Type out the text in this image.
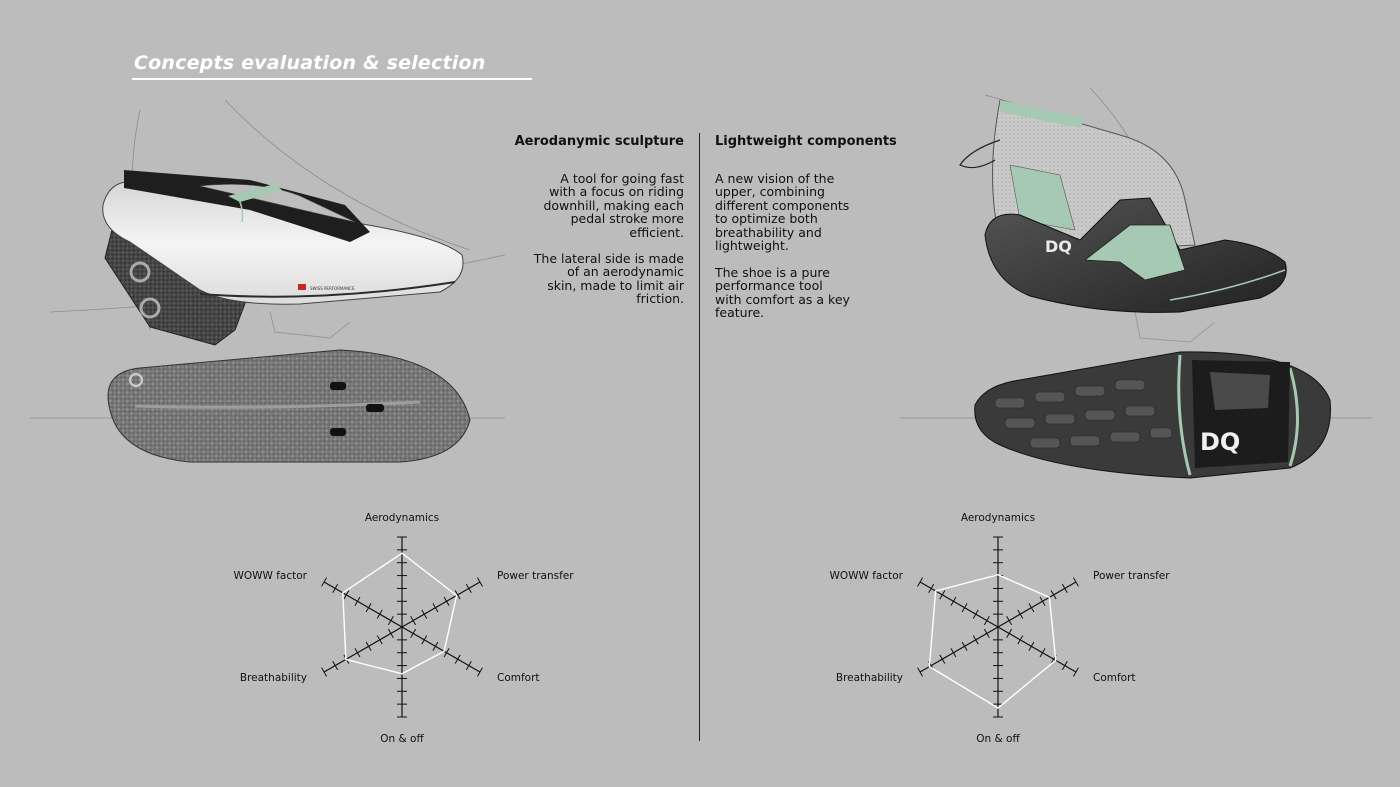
Concepts evaluation & selection
Aerodanymic sculpture
A tool for going fast
with a focus on riding
downhill, making each
pedal stroke more
efficient.
The lateral side is made
of an aerodynamic
skin, made to limit air
friction.
Lightweight components
A new vision of the
upper, combining
different components
to optimize both
breathability and
lightweight.
The shoe is a pure
performance tool
with comfort as a key
feature.
SWISS PERFORMANCE
DQ
DQ
Aerodynamics
Power transfer
Comfort
On & off
Breathability
WOWW factor
Aerodynamics
Power transfer
Comfort
On & off
Breathability
WOWW factor
